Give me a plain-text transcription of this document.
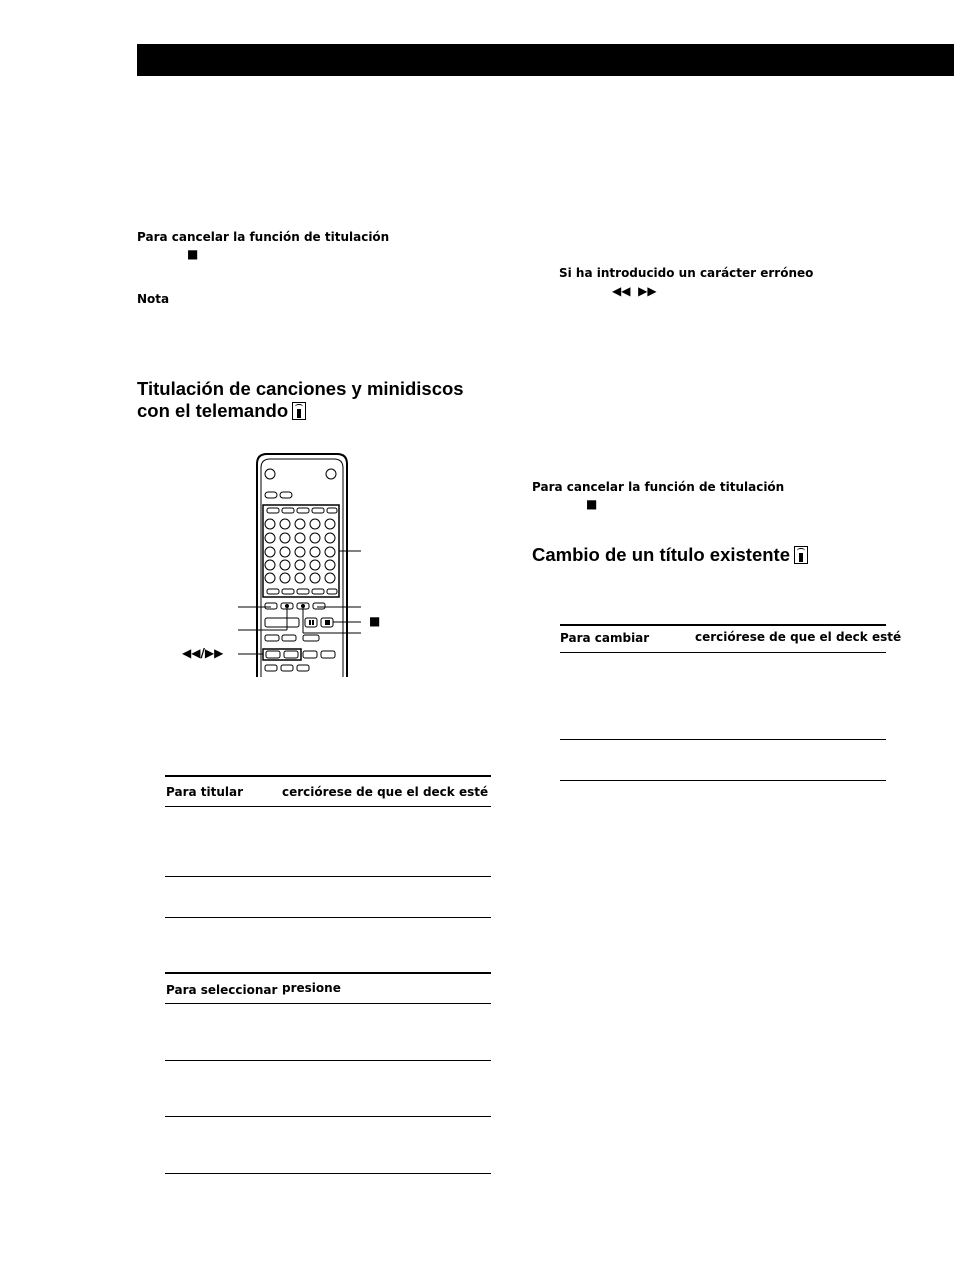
Para cancelar la función de titulación
■
Nota
Titulación de canciones y minidiscos con el telemando
◀◀/▶▶
■
Para titular	cerciórese de que el deck esté
Para seleccionar presione
Si ha introducido un carácter erróneo
◀◀  ▶▶
Para cancelar la función de titulación
■
Cambio de un título existente
Para cambiar	cerciórese de que el deck esté
